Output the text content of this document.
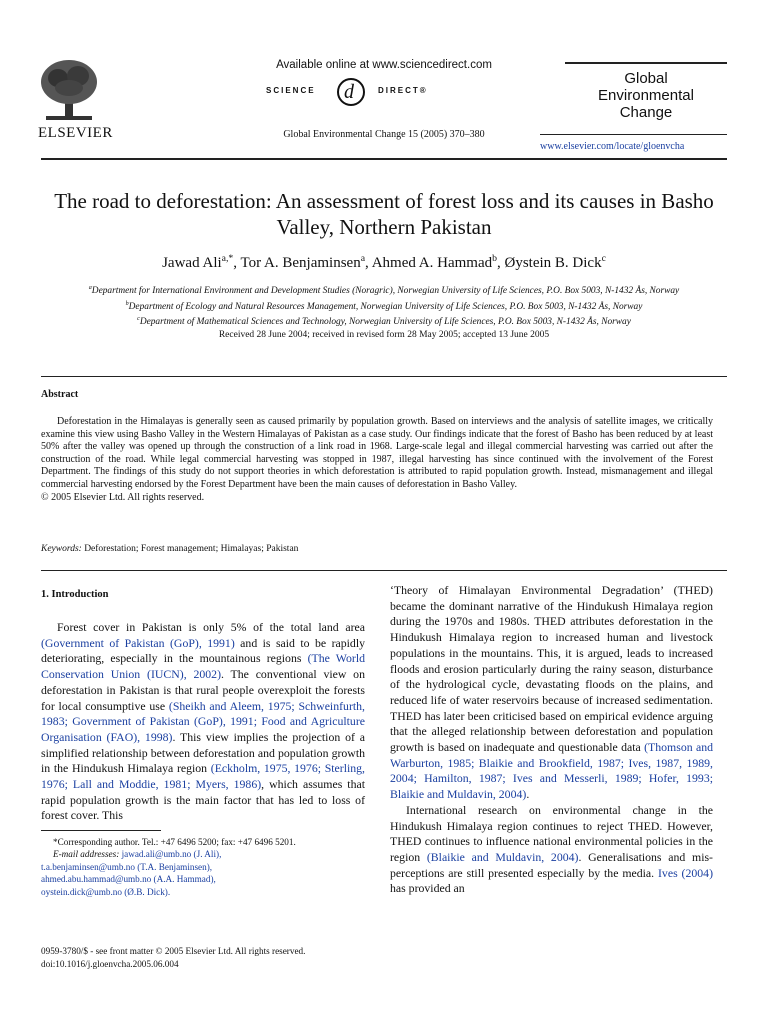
ELSEVIER
Available online at www.sciencedirect.com
SCIENCE d	DIRECT®
Global Environmental Change 15 (2005) 370–380
Global
Environmental
Change
www.elsevier.com/locate/gloenvcha
The road to deforestation: An assessment of forest loss and its causes in Basho Valley, Northern Pakistan
Jawad Ali$^{a,*}$, Tor A. Benjaminsen$^a$, Ahmed A. Hammad$^b$, Øystein B. Dick$^c$
$^a$Department for International Environment and Development Studies (Noragric), Norwegian University of Life Sciences, P.O. Box 5003, N-1432 Ås, Norway
$^b$Department of Ecology and Natural Resources Management, Norwegian University of Life Sciences, P.O. Box 5003, N-1432 Ås, Norway
$^c$Department of Mathematical Sciences and Technology, Norwegian University of Life Sciences, P.O. Box 5003, N-1432 Ås, Norway
Received 28 June 2004; received in revised form 28 May 2005; accepted 13 June 2005
Abstract
Deforestation in the Himalayas is generally seen as caused primarily by population growth. Based on interviews and the analysis of satellite images, we critically examine this view using Basho Valley in the Western Himalayas of Pakistan as a case study. Our findings indicate that the forest of Basho has been reduced by at least 50% after the valley was opened up through the construction of a link road in 1968. Large-scale legal and illegal commercial harvesting was carried out after the construction of the road. While legal commercial harvesting was stopped in 1987, illegal harvesting has since continued with the involvement of the Forest Department. The findings of this study do not support theories in which deforestation is attributed to rapid population growth. Instead, mismanagement and illegal commercial harvesting endorsed by the Forest Department have been the main causes of deforestation in Basho Valley.
© 2005 Elsevier Ltd. All rights reserved.
Keywords: Deforestation; Forest management; Himalayas; Pakistan
1. Introduction

Forest cover in Pakistan is only 5% of the total land area (Government of Pakistan (GoP), 1991) and is said to be rapidly deteriorating, especially in the mountainous regions (The World Conservation Union (IUCN), 2002). The conventional view on deforestation in Pakistan is that rural people overexploit the forests for local consumptive use (Sheikh and Aleem, 1975; Schweinfurth, 1983; Government of Pakistan (GoP), 1991; Food and Agriculture Organisation (FAO), 1998). This view implies the projection of a simplified relationship between deforestation and population growth in the Hindukush Himalaya region (Eckholm, 1975, 1976; Sterling, 1976; Lall and Moddie, 1981; Myers, 1986), which assumes that rapid population growth is the main factor that has led to loss of forest cover. This

‘Theory of Himalayan Environmental Degradation’ (THED) became the dominant narrative of the Hindukush Himalaya region during the 1970s and 1980s. THED attributes deforestation in the Hindukush Himalaya region to increased human and livestock populations in the mountains. This, it is argued, leads to increased floods and erosion particularly during the rainy season, disturbance of the hydrological cycle, devastating floods on the plains, and reduced life of water reservoirs because of increased sedimentation. THED has later been criticised based on empirical evidence arguing that the alleged relationship between deforestation and population growth is based on inadequate and questionable data (Thomson and Warburton, 1985; Blaikie and Brookfield, 1987; Ives, 1987, 1989, 2004; Hamilton, 1987; Ives and Messerli, 1989; Hofer, 1993; Blaikie and Muldavin, 2004).

International research on environmental change in the Hindukush Himalaya region continues to reject THED. However, THED continues to influence national environmental policies in the region (Blaikie and Muldavin, 2004). Generalisations and mis-perceptions are still presented especially by the media. Ives (2004) has provided an

*Corresponding author. Tel.: +47 6496 5200; fax: +47 6496 5201.
E-mail addresses: jawad.ali@umb.no (J. Ali),
t.a.benjaminsen@umb.no (T.A. Benjaminsen),
ahmed.abu.hammad@umb.no (A.A. Hammad),
oystein.dick@umb.no (Ø.B. Dick).
0959-3780/$ - see front matter © 2005 Elsevier Ltd. All rights reserved.
doi:10.1016/j.gloenvcha.2005.06.004
